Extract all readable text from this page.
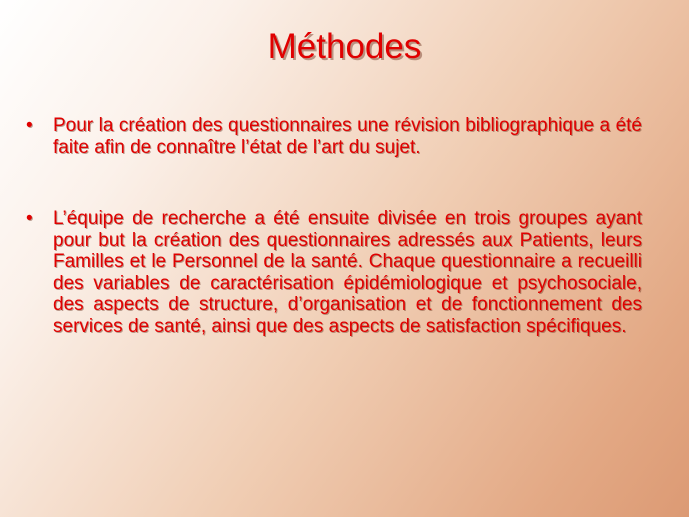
Méthodes
• Pour la création des questionnaires une révision bibliographique a été faite afin de connaître l’état de l’art du sujet.
• L’équipe de recherche a été ensuite divisée en trois groupes ayant pour but la création des questionnaires adressés aux Patients, leurs Familles et le Personnel de la santé. Chaque questionnaire a recueilli des variables de caractérisation épidémiologique et psychosociale, des aspects de structure, d’organisation et de fonctionnement des services de santé, ainsi que des aspects de satisfaction spécifiques.
